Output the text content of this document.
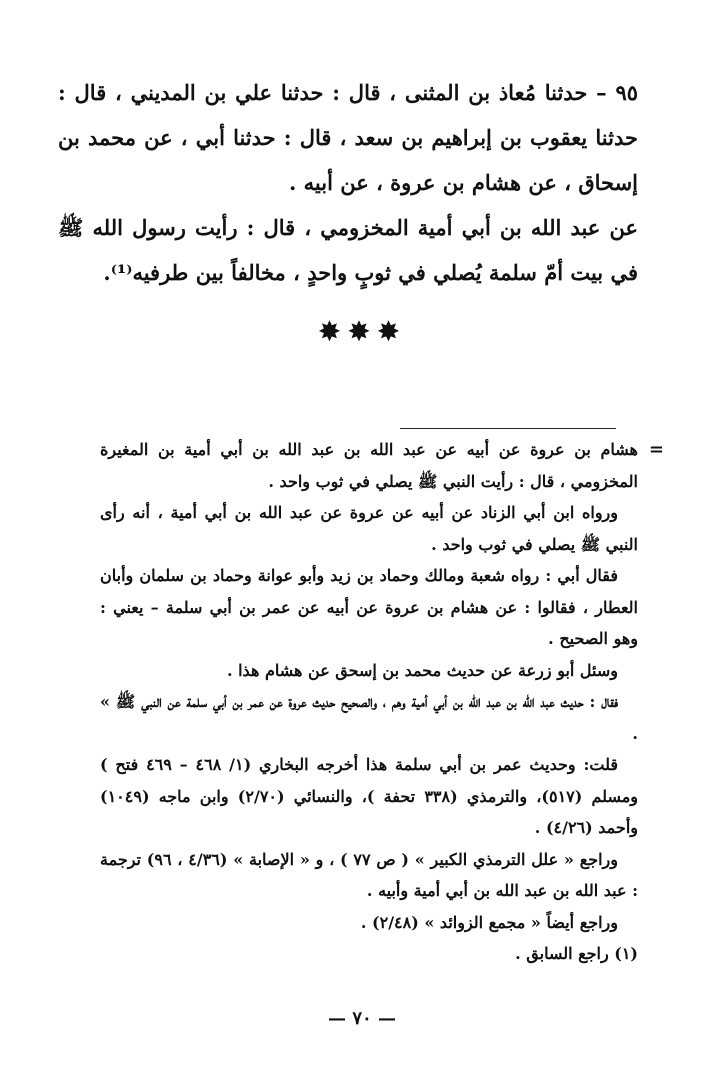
٩٥ – حدثنا مُعاذ بن المثنى ، قال : حدثنا علي بن المديني ، قال : حدثنا يعقوب بن إبراهيم بن سعد ، قال : حدثنا أبي ، عن محمد بن إسحاق ، عن هشام بن عروة ، عن أبيه .

عن عبد الله بن أبي أمية المخزومي ، قال : رأيت رسول الله ﷺ في بيت أمّ سلمة يُصلي في ثوبٍ واحدٍ ، مخالفاً بين طرفيه⁽¹⁾.

✸✸✸

=
هشام بن عروة عن أبيه عن عبد الله بن عبد الله بن أبي أمية بن المغيرة المخزومي ، قال : رأيت النبي ﷺ يصلي في ثوب واحد .

ورواه ابن أبي الزناد عن أبيه عن عروة عن عبد الله بن أبي أمية ، أنه رأى النبي ﷺ يصلي في ثوب واحد .

فقال أبي : رواه شعبة ومالك وحماد بن زيد وأبو عوانة وحماد بن سلمان وأبان العطار ، فقالوا : عن هشام بن عروة عن أبيه عن عمر بن أبي سلمة – يعني : وهو الصحيح .

وسئل أبو زرعة عن حديث محمد بن إسحق عن هشام هذا .

فقال : حديث عبد الله بن عبد الله بن أبي أمية وهم ، والصحيح حديث عروة عن عمر بن أبي سلمة عن النبي ﷺ » .

قلت: وحديث عمر بن أبي سلمة هذا أخرجه البخاري (١/ ٤٦٨ – ٤٦٩ فتح ) ومسلم (٥١٧)، والترمذي (٣٣٨ تحفة )، والنسائي (٢/٧٠) وابن ماجه (١٠٤٩) وأحمد (٤/٢٦) .

وراجع « علل الترمذي الكبير » ( ص ٧٧ ) ، و « الإصابة » (٤/٣٦ ، ٩٦) ترجمة : عبد الله بن عبد الله بن أبي أمية وأبيه .

وراجع أيضاً « مجمع الزوائد » (٢/٤٨) .

(١) راجع السابق .

— ٧٠ —
